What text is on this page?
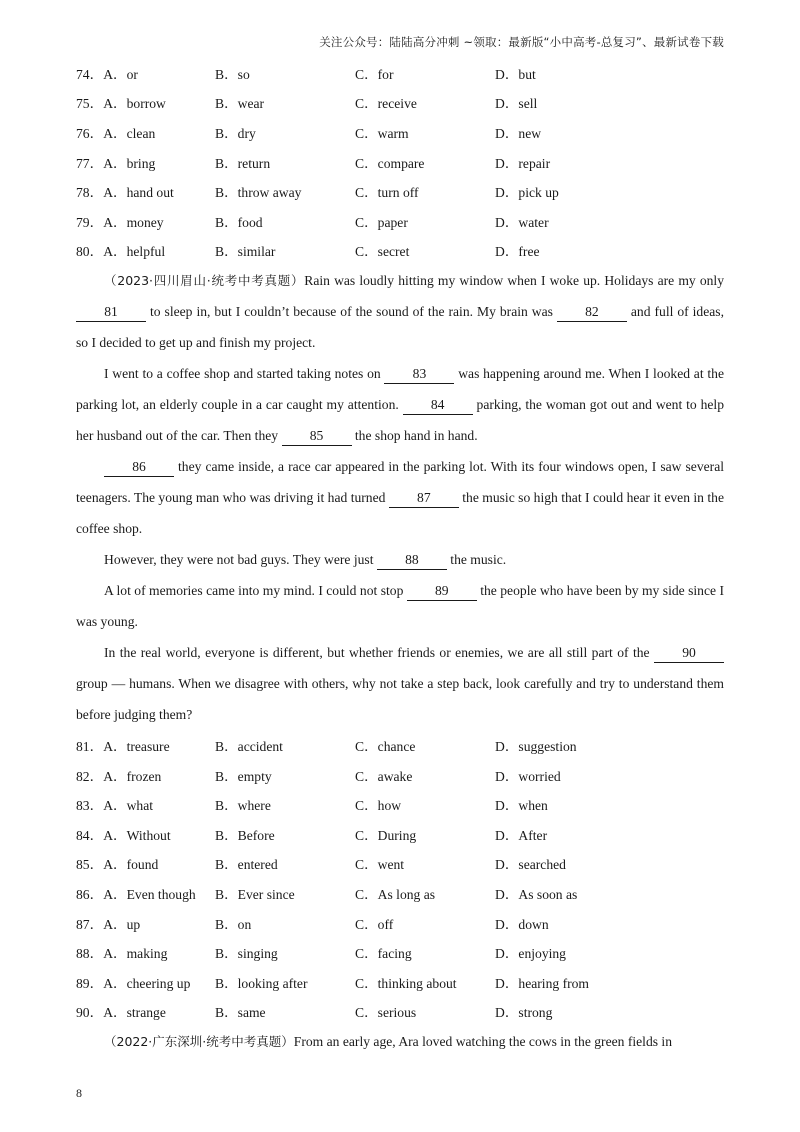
关注公众号：陆陆高分冲刺 ~领取：最新版“小中高考-总复习”、最新试卷下载
74．A．or	B．so	C．for	D．but
75．A．borrow	B．wear	C．receive	D．sell
76．A．clean	B．dry	C．warm	D．new
77．A．bring	B．return	C．compare	D．repair
78．A．hand out	B．throw away	C．turn off	D．pick up
79．A．money	B．food	C．paper	D．water
80．A．helpful	B．similar	C．secret	D．free

（2023·四川眉山·统考中考真题）Rain was loudly hitting my window when I woke up. Holidays are my only 81 to sleep in, but I couldn’t because of the sound of the rain. My brain was 82 and full of ideas, so I decided to get up and finish my project.

I went to a coffee shop and started taking notes on 83 was happening around me. When I looked at the parking lot, an elderly couple in a car caught my attention. 84 parking, the woman got out and went to help her husband out of the car. Then they 85 the shop hand in hand.

86 they came inside, a race car appeared in the parking lot. With its four windows open, I saw several teenagers. The young man who was driving it had turned 87 the music so high that I could hear it even in the coffee shop.

However, they were not bad guys. They were just 88 the music.

A lot of memories came into my mind. I could not stop 89 the people who have been by my side since I was young.

In the real world, everyone is different, but whether friends or enemies, we are all still part of the 90 group — humans. When we disagree with others, why not take a step back, look carefully and try to understand them before judging them?

81．A．treasure	B．accident	C．chance	D．suggestion
82．A．frozen	B．empty	C．awake	D．worried
83．A．what	B．where	C．how	D．when
84．A．Without	B．Before	C．During	D．After
85．A．found	B．entered	C．went	D．searched
86．A．Even though	B．Ever since	C．As long as	D．As soon as
87．A．up	B．on	C．off	D．down
88．A．making	B．singing	C．facing	D．enjoying
89．A．cheering up	B．looking after	C．thinking about	D．hearing from
90．A．strange	B．same	C．serious	D．strong

（2022·广东深圳·统考中考真题）From an early age, Ara loved watching the cows in the green fields in

8
